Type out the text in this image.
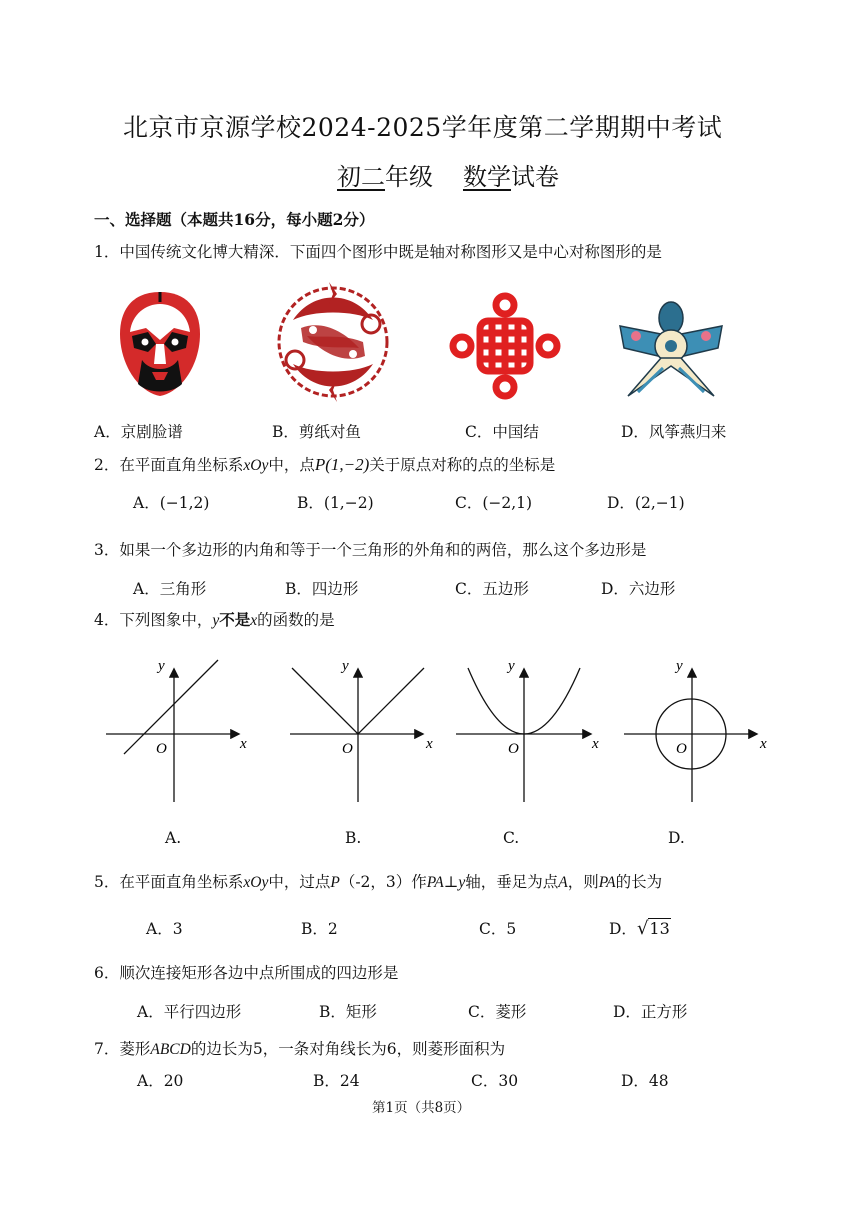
北京市京源学校2024-2025学年度第二学期期中考试
初二年级 数学试卷
一、选择题（本题共16分，每小题2分）
1．中国传统文化博大精深．下面四个图形中既是轴对称图形又是中心对称图形的是
A．京剧脸谱	B．剪纸对鱼	C．中国结	D．风筝燕归来
2．在平面直角坐标系xOy中，点P(1,−2)关于原点对称的点的坐标是
A．(−1,2)	B．(1,−2)	C．(−2,1)	D．(2,−1)
3．如果一个多边形的内角和等于一个三角形的外角和的两倍，那么这个多边形是
A．三角形	B．四边形	C．五边形	D．六边形
4．下列图象中，y不是x的函数的是
y
x
O
A.
y
x
O
B.
y
x
O
C.
y
x
O
D.
5．在平面直角坐标系xOy中，过点P（-2，3）作PA⊥y轴，垂足为点A，则PA的长为
A．3	B．2	C．5	D．√13
6．顺次连接矩形各边中点所围成的四边形是
A．平行四边形	B．矩形	C．菱形	D．正方形
7．菱形ABCD的边长为5，一条对角线长为6，则菱形面积为
A．20	B．24	C．30	D．48
第1页（共8页）
